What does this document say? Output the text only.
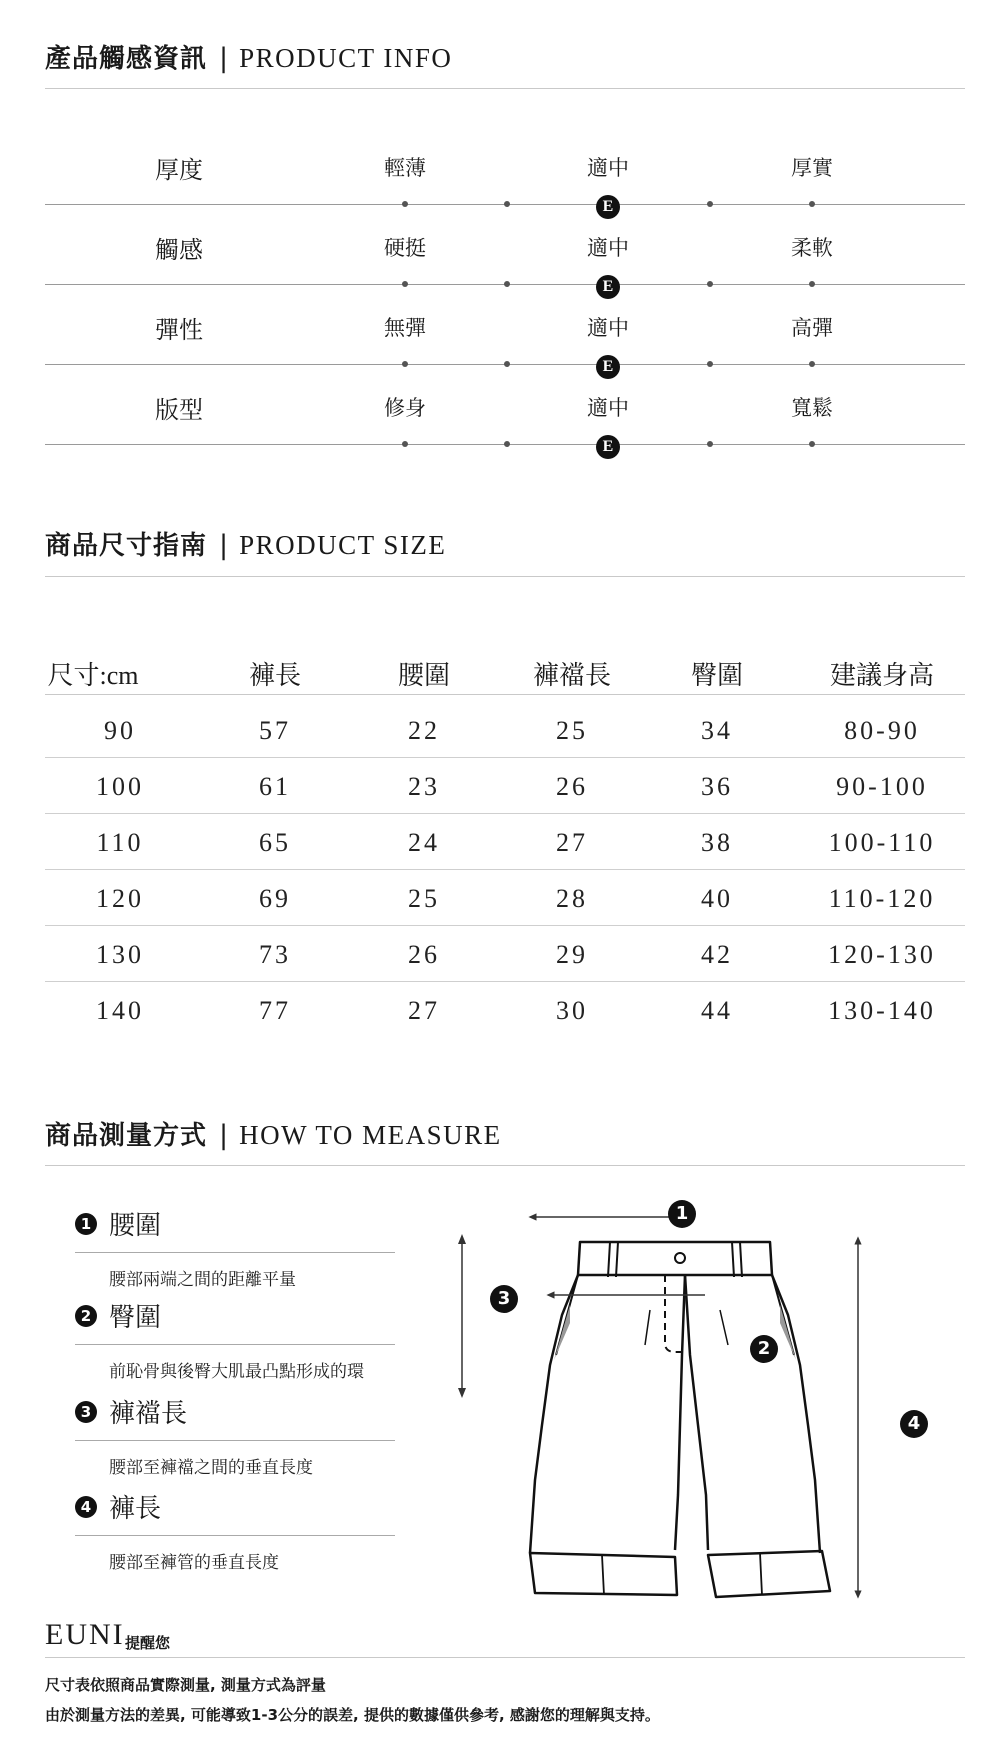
產品觸感資訊 | PRODUCT INFO
厚度	輕薄	適中	厚實
E
觸感	硬挺	適中	柔軟
E
彈性	無彈	適中	高彈
E
版型	修身	適中	寬鬆
E
商品尺寸指南 | PRODUCT SIZE
尺寸:cm	褲長	腰圍	褲襠長	臀圍	建議身高
90	57	22	25	34	80-90
100	61	23	26	36	90-100
110	65	24	27	38	100-110
120	69	25	28	40	110-120
130	73	26	29	42	120-130
140	77	27	30	44	130-140
商品測量方式 | HOW TO MEASURE
1 腰圍
腰部兩端之間的距離平量
2 臀圍
前恥骨與後臀大肌最凸點形成的環
3 褲襠長
腰部至褲襠之間的垂直長度
4 褲長
腰部至褲管的垂直長度
1
2
3
4
EUNI 提醒您
尺寸表依照商品實際測量, 測量方式為評量
由於測量方法的差異, 可能導致1-3公分的誤差, 提供的數據僅供參考, 感謝您的理解與支持。
